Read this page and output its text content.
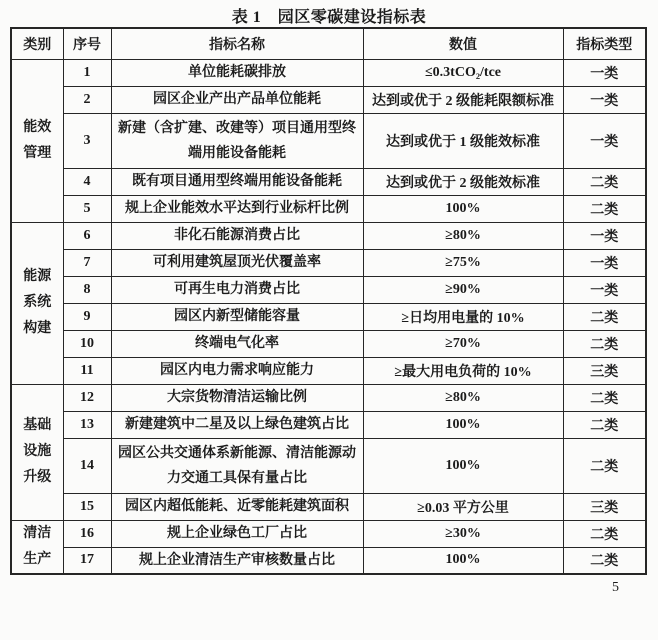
表 1　园区零碳建设指标表
类别	序号	指标名称	数值	指标类型
能效管理	1	单位能耗碳排放	≤0.3tCO₂/tce	一类
	2	园区企业产出产品单位能耗	达到或优于 2 级能耗限额标准	一类
	3	新建（含扩建、改建等）项目通用型终端用能设备能耗	达到或优于 1 级能效标准	一类
	4	既有项目通用型终端用能设备能耗	达到或优于 2 级能效标准	二类
	5	规上企业能效水平达到行业标杆比例	100%	二类
能源系统构建	6	非化石能源消费占比	≥80%	一类
	7	可利用建筑屋顶光伏覆盖率	≥75%	一类
	8	可再生电力消费占比	≥90%	一类
	9	园区内新型储能容量	≥日均用电量的 10%	二类
	10	终端电气化率	≥70%	二类
	11	园区内电力需求响应能力	≥最大用电负荷的 10%	三类
基础设施升级	12	大宗货物清洁运输比例	≥80%	二类
	13	新建建筑中二星及以上绿色建筑占比	100%	二类
	14	园区公共交通体系新能源、清洁能源动力交通工具保有量占比	100%	二类
	15	园区内超低能耗、近零能耗建筑面积	≥0.03 平方公里	三类
清洁生产	16	规上企业绿色工厂占比	≥30%	二类
	17	规上企业清洁生产审核数量占比	100%	二类
5
